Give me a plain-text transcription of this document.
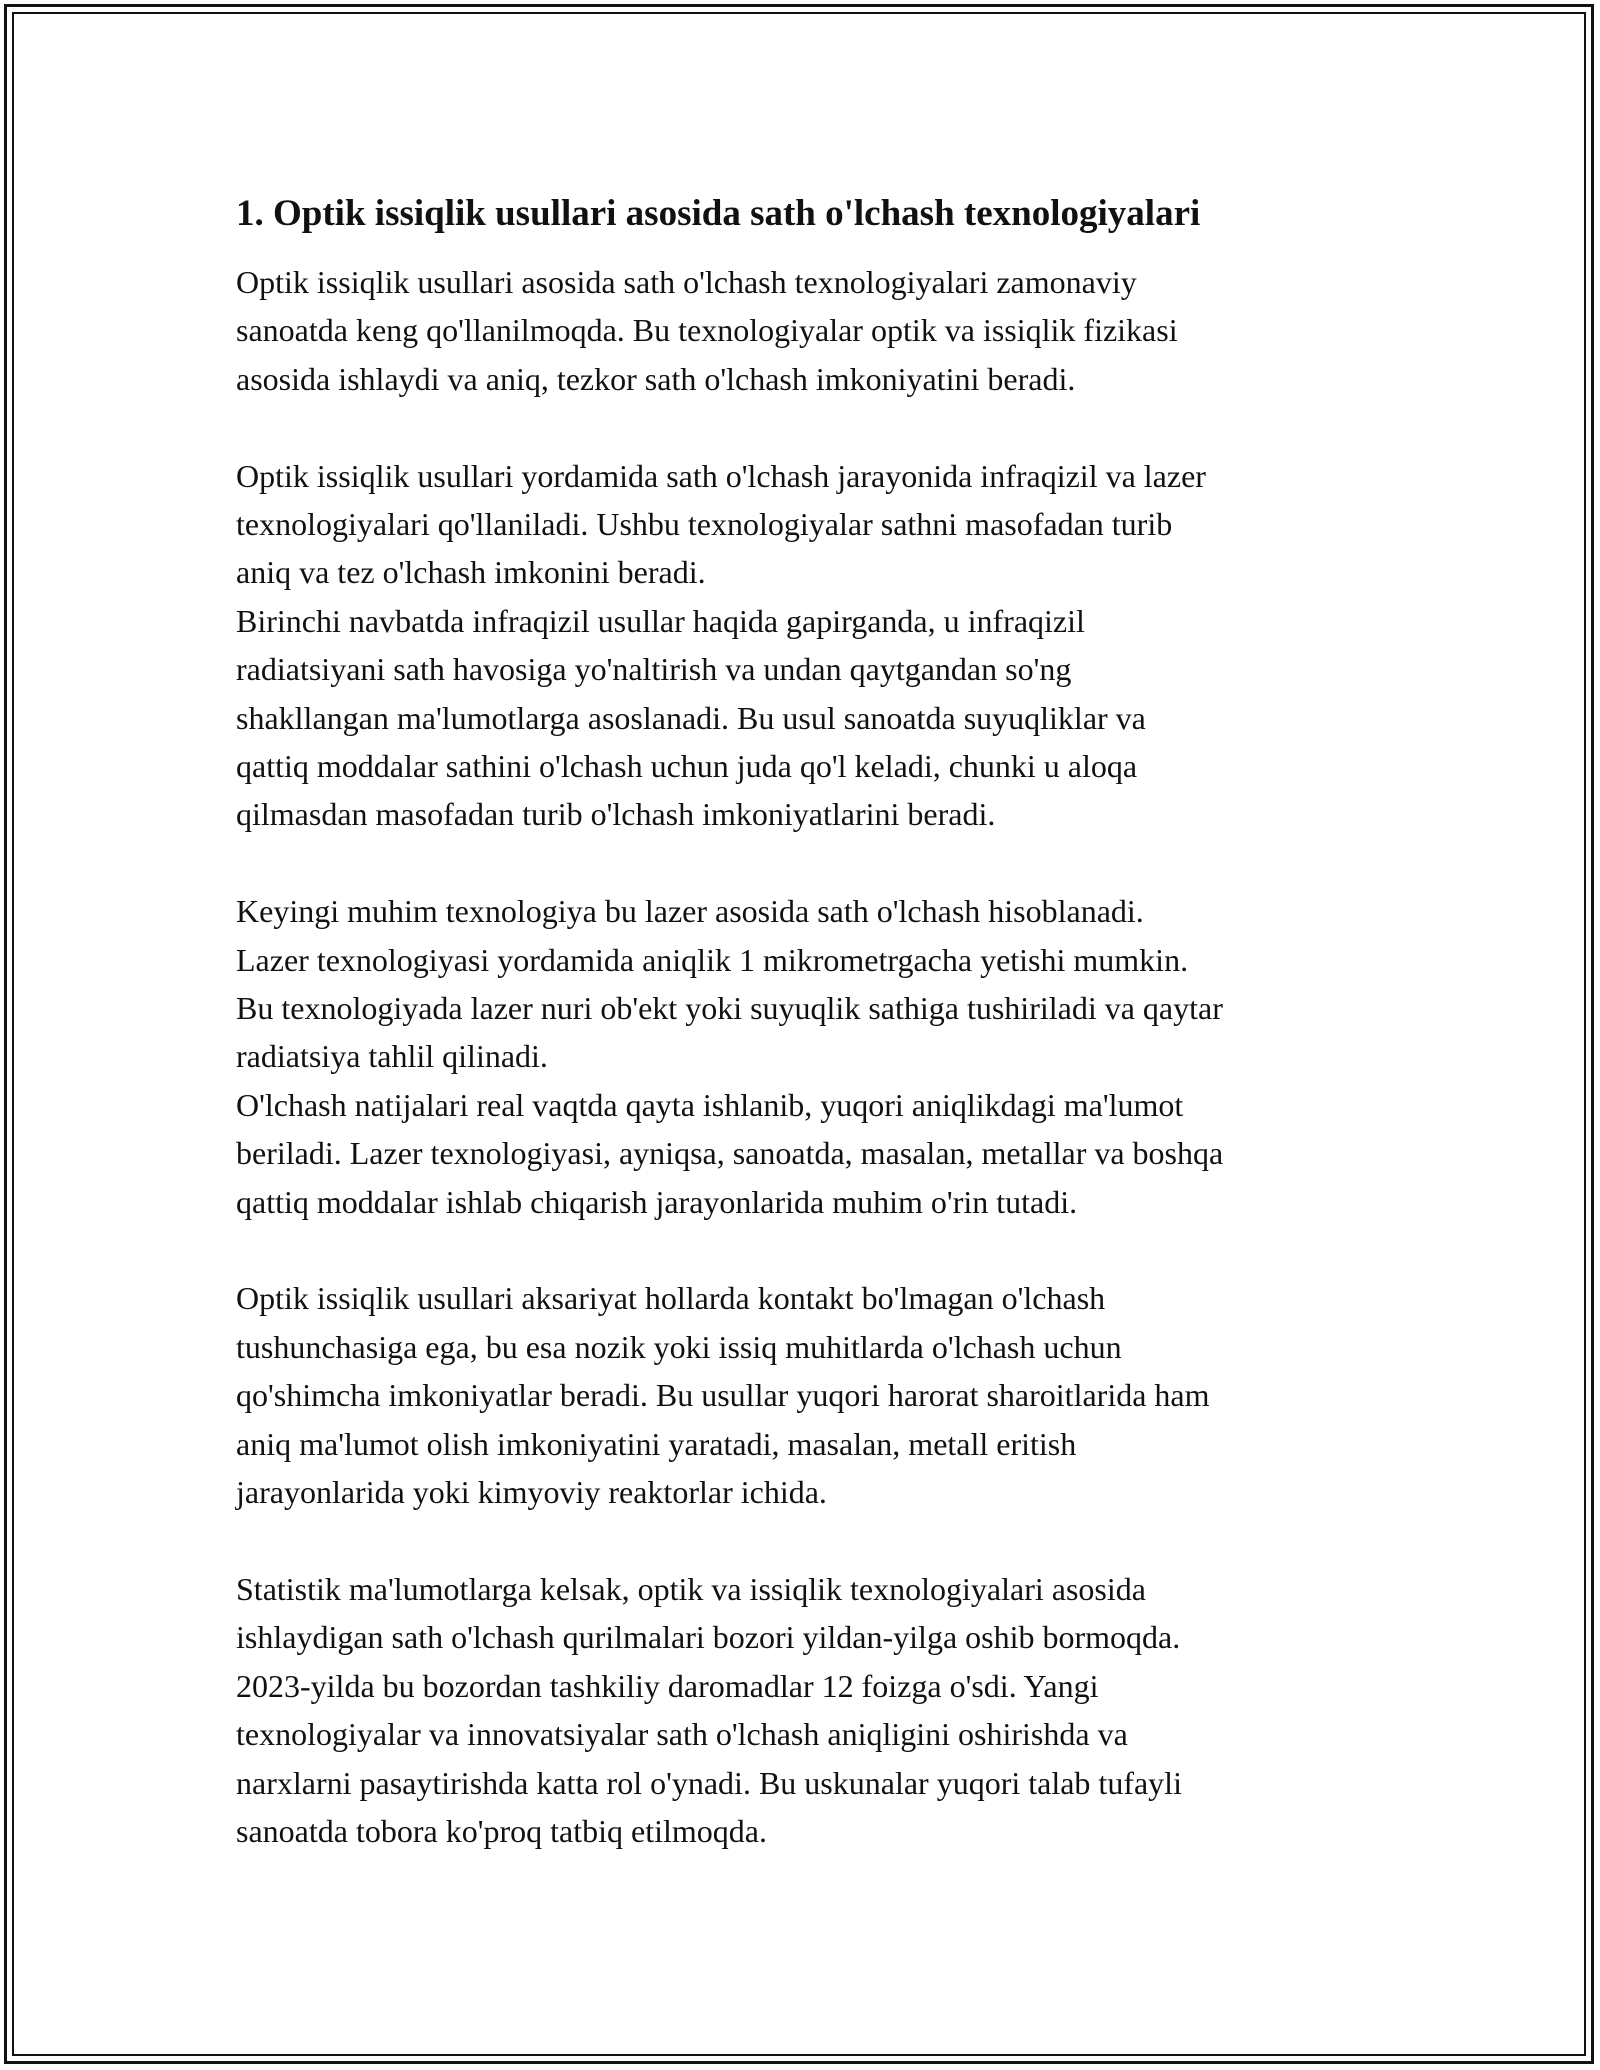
1. Optik issiqlik usullari asosida sath o'lchash texnologiyalari

Optik issiqlik usullari asosida sath o'lchash texnologiyalari zamonaviy
sanoatda keng qo'llanilmoqda. Bu texnologiyalar optik va issiqlik fizikasi
asosida ishlaydi va aniq, tezkor sath o'lchash imkoniyatini beradi.

Optik issiqlik usullari yordamida sath o'lchash jarayonida infraqizil va lazer
texnologiyalari qo'llaniladi. Ushbu texnologiyalar sathni masofadan turib
aniq va tez o'lchash imkonini beradi.

Birinchi navbatda infraqizil usullar haqida gapirganda, u infraqizil
radiatsiyani sath havosiga yo'naltirish va undan qaytgandan so'ng
shakllangan ma'lumotlarga asoslanadi. Bu usul sanoatda suyuqliklar va
qattiq moddalar sathini o'lchash uchun juda qo'l keladi, chunki u aloqa
qilmasdan masofadan turib o'lchash imkoniyatlarini beradi.

Keyingi muhim texnologiya bu lazer asosida sath o'lchash hisoblanadi.
Lazer texnologiyasi yordamida aniqlik 1 mikrometrgacha yetishi mumkin.
Bu texnologiyada lazer nuri ob'ekt yoki suyuqlik sathiga tushiriladi va qaytar
radiatsiya tahlil qilinadi.

O'lchash natijalari real vaqtda qayta ishlanib, yuqori aniqlikdagi ma'lumot
beriladi. Lazer texnologiyasi, ayniqsa, sanoatda, masalan, metallar va boshqa
qattiq moddalar ishlab chiqarish jarayonlarida muhim o'rin tutadi.

Optik issiqlik usullari aksariyat hollarda kontakt bo'lmagan o'lchash
tushunchasiga ega, bu esa nozik yoki issiq muhitlarda o'lchash uchun
qo'shimcha imkoniyatlar beradi. Bu usullar yuqori harorat sharoitlarida ham
aniq ma'lumot olish imkoniyatini yaratadi, masalan, metall eritish
jarayonlarida yoki kimyoviy reaktorlar ichida.

Statistik ma'lumotlarga kelsak, optik va issiqlik texnologiyalari asosida
ishlaydigan sath o'lchash qurilmalari bozori yildan-yilga oshib bormoqda.
2023-yilda bu bozordan tashkiliy daromadlar 12 foizga o'sdi. Yangi
texnologiyalar va innovatsiyalar sath o'lchash aniqligini oshirishda va
narxlarni pasaytirishda katta rol o'ynadi. Bu uskunalar yuqori talab tufayli
sanoatda tobora ko'proq tatbiq etilmoqda.
